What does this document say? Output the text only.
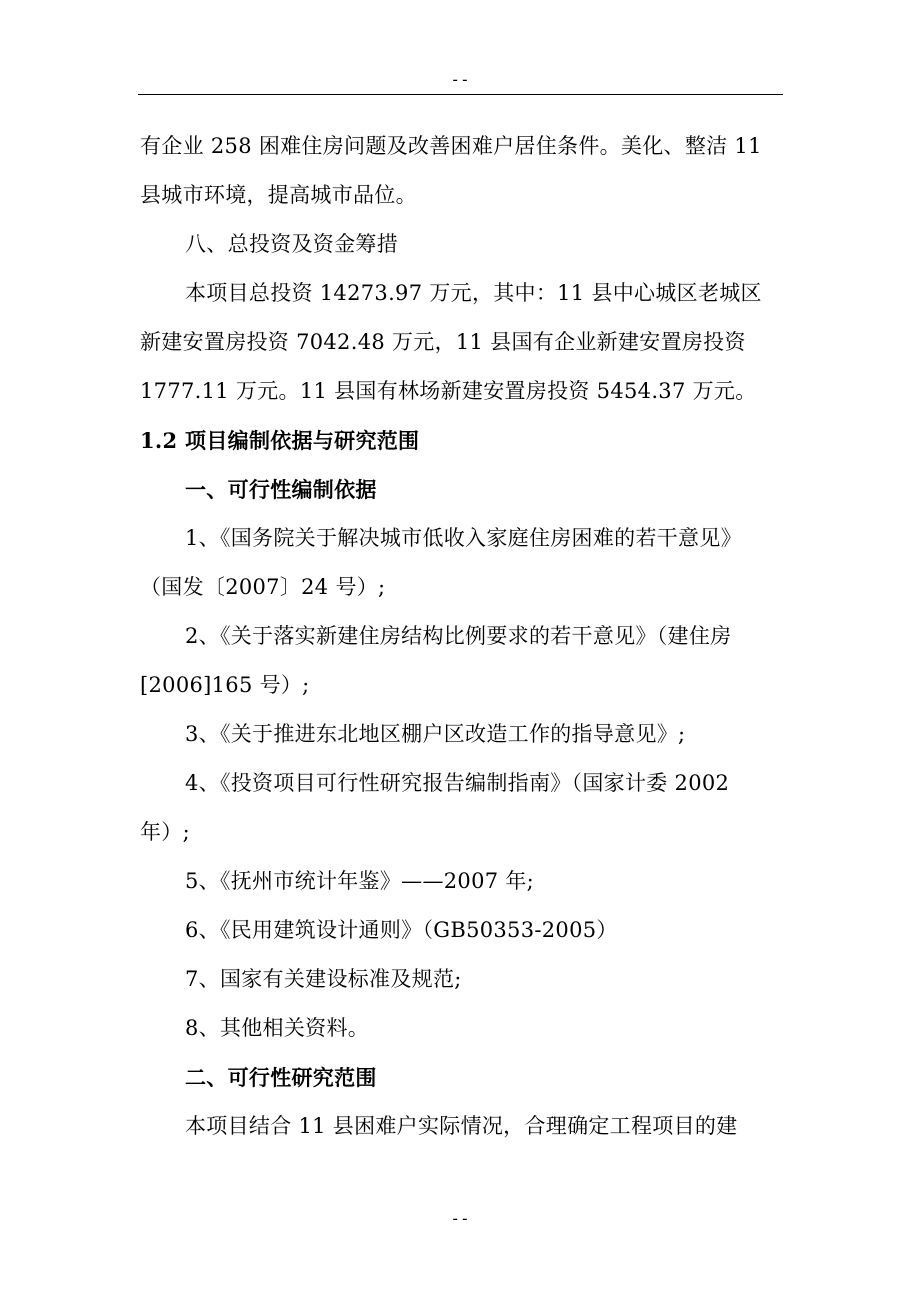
--
有企业 258 困难住房问题及改善困难户居住条件。美化、整洁 11
县城市环境，提高城市品位。
八、总投资及资金筹措
本项目总投资 14273.97 万元，其中：11 县中心城区老城区
新建安置房投资 7042.48 万元，11 县国有企业新建安置房投资
1777.11 万元。11 县国有林场新建安置房投资 5454.37 万元。
1.2 项目编制依据与研究范围
一、可行性编制依据
1、《国务院关于解决城市低收入家庭住房困难的若干意见》
（国发〔2007〕24 号）;
2、《关于落实新建住房结构比例要求的若干意见》（建住房
[2006]165 号）;
3、《关于推进东北地区棚户区改造工作的指导意见》;
4、《投资项目可行性研究报告编制指南》（国家计委 2002
年）;
5、《抚州市统计年鉴》——2007 年;
6、《民用建筑设计通则》（GB50353-2005）
7、国家有关建设标准及规范;
8、其他相关资料。
二、可行性研究范围
本项目结合 11 县困难户实际情况，合理确定工程项目的建
--
